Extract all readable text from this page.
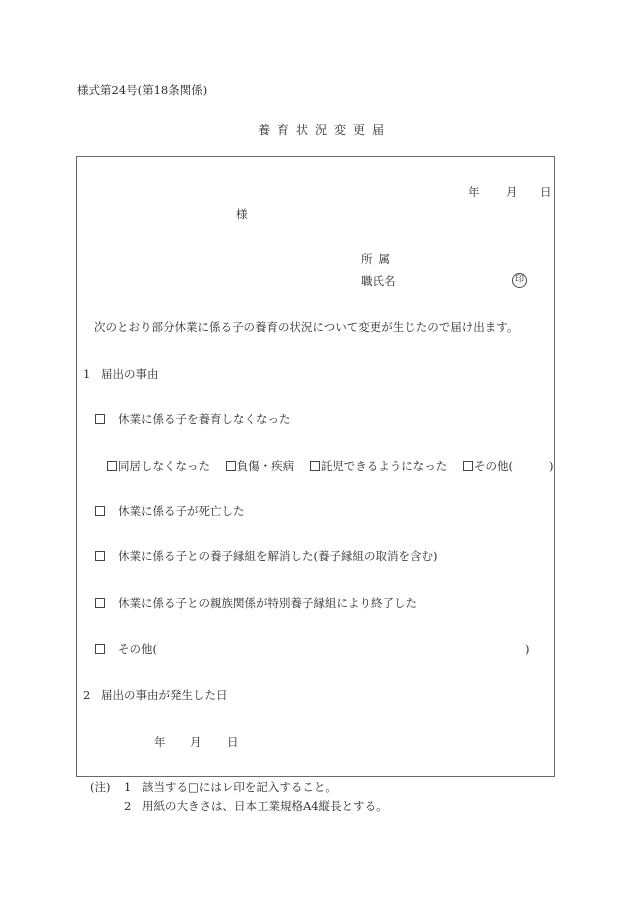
様式第24号(第18条関係)
養育状況変更届
年 月 日
様
所属
職氏名	印
次のとおり部分休業に係る子の養育の状況について変更が生じたので届け出ます。
1 届出の事由
休業に係る子を養育しなくなった
同居しなくなった 負傷・疾病 託児できるようになった その他(	)
休業に係る子が死亡した
休業に係る子との養子縁組を解消した(養子縁組の取消を含む)
休業に係る子との親族関係が特別養子縁組により終了した
その他(	)
2 届出の事由が発生した日
年 月 日
(注) 1 該当する□にはレ印を記入すること。
2 用紙の大きさは、日本工業規格A4縦長とする。
